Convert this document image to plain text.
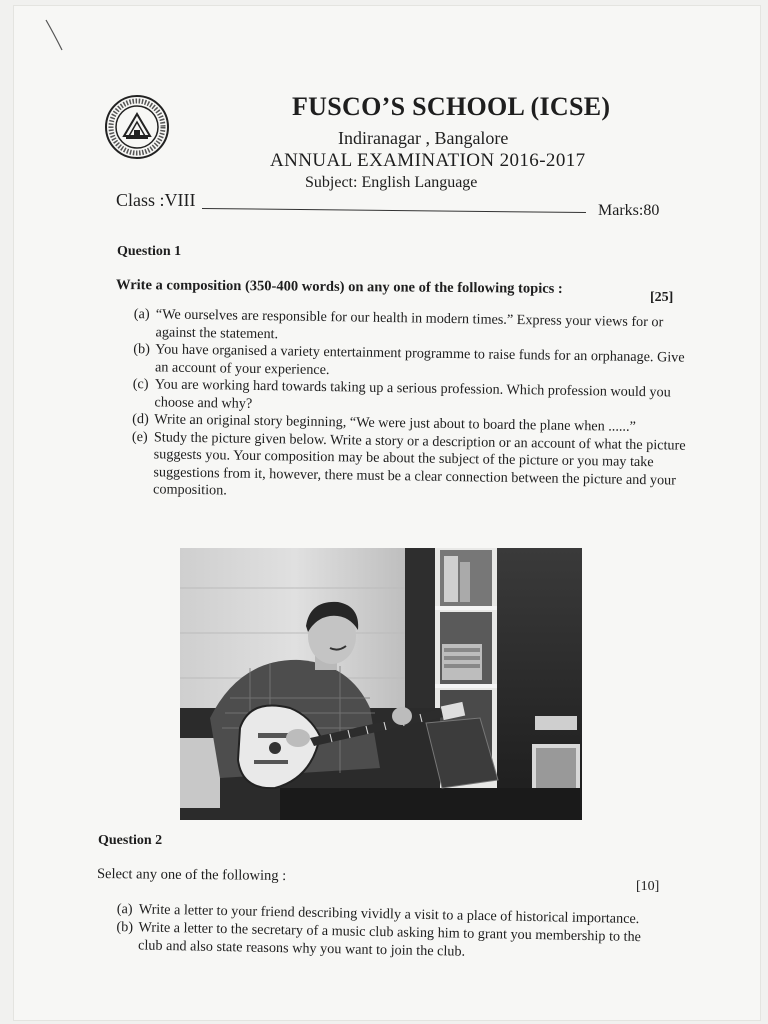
FUSCO’S SCHOOL (ICSE)
Indiranagar , Bangalore
ANNUAL EXAMINATION 2016-2017
Subject: English Language
Class :VIII
Marks:80
Question 1
Write a composition (350-400 words) on any one of the following topics :
[25]
(a) “We ourselves are responsible for our health in modern times.” Express your views for or against the statement.
(b) You have organised a variety entertainment programme to raise funds for an orphanage. Give an account of your experience.
(c) You are working hard towards taking up a serious profession. Which profession would you choose and why?
(d) Write an original story beginning, “We were just about to board the plane when ......”
(e) Study the picture given below. Write a story or a description or an account of what the picture suggests you. Your composition may be about the subject of the picture or you may take suggestions from it, however, there must be a clear connection between the picture and your composition.
Question 2
Select any one of the following :
[10]
(a) Write a letter to your friend describing vividly a visit to a place of historical importance.
(b) Write a letter to the secretary of a music club asking him to grant you membership to the club and also state reasons why you want to join the club.
